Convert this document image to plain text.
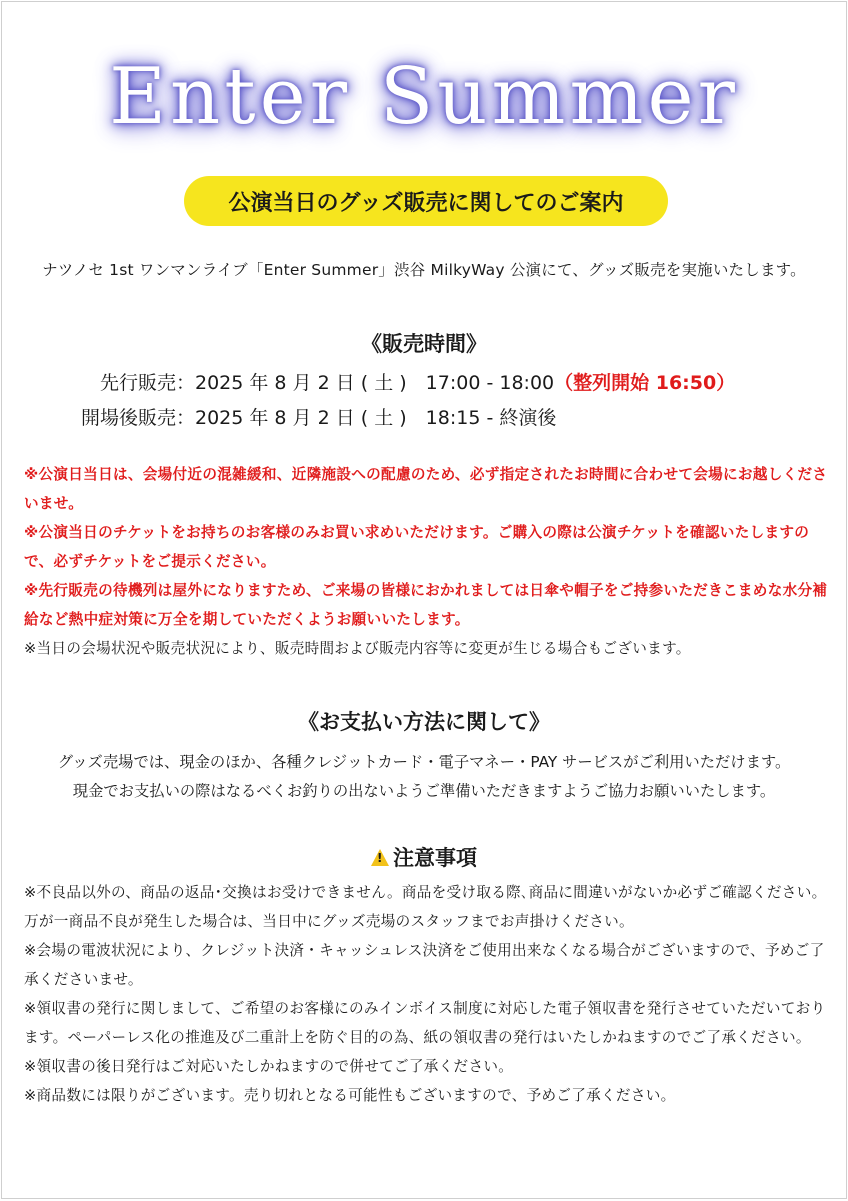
Enter Summer
公演当日のグッズ販売に関してのご案内
ナツノセ 1st ワンマンライブ「Enter Summer」渋谷 MilkyWay 公演にて、グッズ販売を実施いたします。
《販売時間》
先行販売：2025 年 8 月 2 日 ( 土 )　17:00 - 18:00（整列開始 16:50）
開場後販売：2025 年 8 月 2 日 ( 土 )　18:15 - 終演後

※公演日当日は、会場付近の混雑緩和、近隣施設への配慮のため、必ず指定されたお時間に合わせて会場にお越しくださいませ。

※公演当日のチケットをお持ちのお客様のみお買い求めいただけます。ご購入の際は公演チケットを確認いたしますので、必ずチケットをご提示ください。

※先行販売の待機列は屋外になりますため、ご来場の皆様におかれましては日傘や帽子をご持参いただきこまめな水分補給など熱中症対策に万全を期していただくようお願いいたします。

※当日の会場状況や販売状況により、販売時間および販売内容等に変更が生じる場合もございます。

《お支払い方法に関して》
グッズ売場では、現金のほか、各種クレジットカード・電子マネー・PAY サービスがご利用いただけます。
現金でお支払いの際はなるべくお釣りの出ないようご準備いただきますようご協力お願いいたします。
!注意事項

※不良品以外の、商品の返品･交換はお受けできません。商品を受け取る際､商品に間違いがないか必ずご確認ください。万が一商品不良が発生した場合は、当日中にグッズ売場のスタッフまでお声掛けください。

※会場の電波状況により、クレジット決済・キャッシュレス決済をご使用出来なくなる場合がございますので、予めご了承くださいませ。

※領収書の発行に関しまして、ご希望のお客様にのみインボイス制度に対応した電子領収書を発行させていただいております。ペーパーレス化の推進及び二重計上を防ぐ目的の為、紙の領収書の発行はいたしかねますのでご了承ください。

※領収書の後日発行はご対応いたしかねますので併せてご了承ください。

※商品数には限りがございます。売り切れとなる可能性もございますので、予めご了承ください。
